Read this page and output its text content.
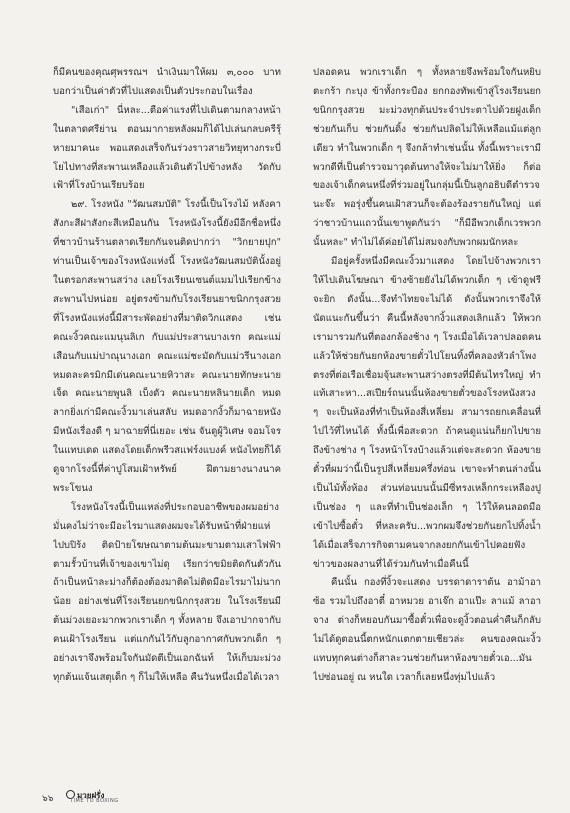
ก็มีคนของคุณศุพรรณฯ นำเงินมาให้ผม ๓,๐๐๐ บาท บอกว่าเป็นค่าตัวที่ไปแสดงเป็นตัวประกอบในเรื่อง

"เสือเก่า" นี่หละ...ตือค่าแรงที่ไปเดินตามกลางหน้าในตลาดศรีย่าน ตอนมากายหลังผมก็ได้ไปเล่นกลบครีรุ้หายมาคนะ พอแสดงเสร็จกันร่วงราวสายวิทยุทางกระบี่โยไปทางที่สะพานเหลืองแล้วเดินตัวไปข้างหลัง วัดกับเฟ้าที่โรงบ้านเรียบร้อย

๒๙. โรงหนัง "วัฒนสมบัติ" โรงนี้เป็นโรงไม้ หลังคาสังกะสีฝาสังกะสีเหมือนกัน โรงหนังโรงนี้ยังมีอีกชื่อหนึ่ง ที่ชาวบ้านร้านตลาดเรียกกันจนติดปากว่า "วิกยายปุก" ท่านเป็นเจ้าของโรงหนังแห่งนี้ โรงหนังวัฒนสมบัตินั้งอยู่ในตรอกสะพานสว่าง เลยโรงเรียนเซนต์แมมไปเรียกข้างสะพานไปหน่อย อยู่ตรงข้ามกับโรงเรียนยาขนิกกรุงสวย ที่โรงหนังแห่งนี้มีสาระพัดอย่างที่มาติดวิกแสดง เช่น คณะงิ้วคณะแมนุนลิเก กับแม่ประสานบางเรก คณะแม่เสือนกับแม่ปาณุนางเอก คณะแม่ชะมัดกับแม่วรีนางเอก หมดละครมิกมีเด่นคณะนายหิวาสะ คณะนายทักษะนายเจ็ด คณะนายพูนลิ เบ็งดัว คณะนายหลินายเด็ก หมดลากยิ่งเก่ามีคณะงิ้วมาเล่นสลับ หมดอากงิ้วก็มาฉายหนังมีหนังเรื่องดี ๆ มาฉายที่นี่เยอะ เช่น จันดูผู้วิเศษ จอมโจรในแทบเดด แสดงโดยเด็กพรีวสแฟร์งแบงค์ หนังไทยก็ได้ดูจากโรงนี้ที่ค่าปูโสมเฝ้าหรัพย์ ฝีตามยางนางนาคพระโขนง

โรงหนังโรงนี้เป็นแหล่งที่ประกอบอาชีพของผมอย่างมั่นคงไม่ว่าจะมีอะไรมาแสดงผมจะได้รับหน้าที่ฝ่ายแห่ไปบปิร้ง ติดป้ายโฆษณาตามต้นมะขามตามเสาไฟฟ้า ตามรั้วบ้านที่เจ้าของเขาไม่ดุ เรียกว่าขมิยติดกันตัวกัน ถ้าเป็นหน้าละม่างก็ต้องต้องมาติดไม่ติดมีอะไรมาไม่นากน้อย อย่างเช่นที่โรงเรียนยกขนิกกรุงสวย ในโรงเรียนมีต้นม่วงเยอะมากพวกเราเด็ก ๆ ทั้งหลาย จึงเอาปากจากับคนเฝ้าโรงเรียน แต่แกกันไว้กับลูกอากาศกับพวกเด็ก ๆ อย่างเราจึงพร้อมใจกันมัดตีเป็นเอกฉันท์ ให้เก็บมะม่วงทุกต้นแจ้นเสตุเด็ก ๆ ก็ไม่ให้เหลือ คืนวันหนึ่งเมื่อได้เวลา

ปลอดคน พวกเราเด็ก ๆ ทั้งหลายจึงพร้อมใจกันหยิบตะกร้า กะบุง ข้าทั้งกระบือง ยกกองทัพเข้าสู่โรงเรียนยกขนิกกรุงสวย มะม่วงทุกต้นประจำประตาไปด้วยฝูงเด็ก ช่วยกันเก็บ ช่วยกันดิ้ง ช่วยกันปลิดไม่ให้เหลือแม้แต่ลูกเดียว ทำในพวกเด็ก ๆ จึงกล้าทำเช่นนั้น ทั้งนี้เพราะเรามีพวกดีที่เป็นตำรวจมาวุดต้นทางให้จะไม่มาให้ยิ่ง ก็ต่อของเจ้าเด็กคนหนึ่งที่ร่วมอยู่ในกลุ่มนี้เป็นลูกอธิบดีตำรวจนะจ๊ะ พอรุ่งขึ้นคนเฝ้าสวนก็จะต้องร้องรายกันใหญ่ แต่ว่าชาวบ้านแถวนั้นเขาพูดกันว่า "ก็มีอีพวกเด็กเวรพวกนั้นหละ" ทำไม่ได้ค่อยได้ไม่สมจงกับพวกผมนักหละ

มีอยู่ครั้งหนึ่งมีคณะงิ้วมาแสดง โดยไปจ้างพวกเราให้ไปเดินโฆษณา ข้างซ้ายยังไม่ได้พวกเด็ก ๆ เข้าดูฟรีจะยิก ดังนั้น...จึงทำไทยจะไม่ได้ ดังนั้นพวกเราจึงให้นัดแนะกันขึ้นว่า คืนนี้หลังจากงิ้วแสดงเลิกแล้ว ให้พวกเรามารวมกันที่ตองกล้องช้าง ๆ โรงเมื่อได้เวลาปลอดคนแล้วให้ช่วยกันยกห้องขายตั๋วไปโยนทิ้งที่คลองหัวลำโพงตรงที่ต่อเรือเชื่อมจุ้นสะพานสว่างตรงที่มีต้นไทรใหญ่ ทำแท้เสาะหา...สเปียร์ถนนนั้นห้องขายตั๋วของโรงหนังสวง ๆ จะเป็นห้องที่ทำเป็นห้องสี่เหลี่ยม สามารถยกเคลื่อนที่ไปไว้ที่ไหนได้ ทั้งนี้เพื่อสะดวก ถ้าคนดูแน่นก็ยกไปขายถึงข้างช่าง ๆ โรงหน้าโรงบ้างแล้วแต่จะสะดวก ห้องขายตั๋วที่ผมว่านี้เป็นรูปสี่เหลี่ยมครึ่งท่อน เขาจะทำตนล่างนั้นเป็นไม้ทั้งห้อง ส่วนท่อนบนนั้นมีซี่ทรงเหล็กกระเหลืองปูเป็นช่อง ๆ และที่ทำเป็นช่องเล็ก ๆ ไว้ให้คนลอดมือเข้าไปซื้อตั๋ว ที่หละครับ...พวกผมจึงช่วยกันยกไปทิ้งน้ำได้เมื่อเสร็จภารกิจตามคนจากลงยกกันเข้าไปคอยฟังข่าวของผลงานที่ได้ร่วมกันทำเมื่อคืนนี้

คืนนั้น กองที่งิ้วจะแสดง บรรดาดาราต้น อาม้าอาซ้อ รวมไปถึงอาตี๋ อาหมวย อาเจ๊ก อาแป๊ะ ลาแม้ ลาอาจาง ต่างก็หยอบกันมาซื้อตั๋วเพื่อจะดูงิ้วตอนค่ำคืนก็กลับไม่ได้ดูตอนนี้ตกหนักแตกตายเชียวล่ะ คนของคณะงิ้วแทบทุกคนต่างก็สาละวนช่วยกันหาห้องขายตั๋วเอ...มันไปซ่อนอยู่ ณ หนใด เวลาก็เลยหนึ่งทุ่มไปแล้ว

๖๖	มวยฝรั่ง
TIME TO BOXING
